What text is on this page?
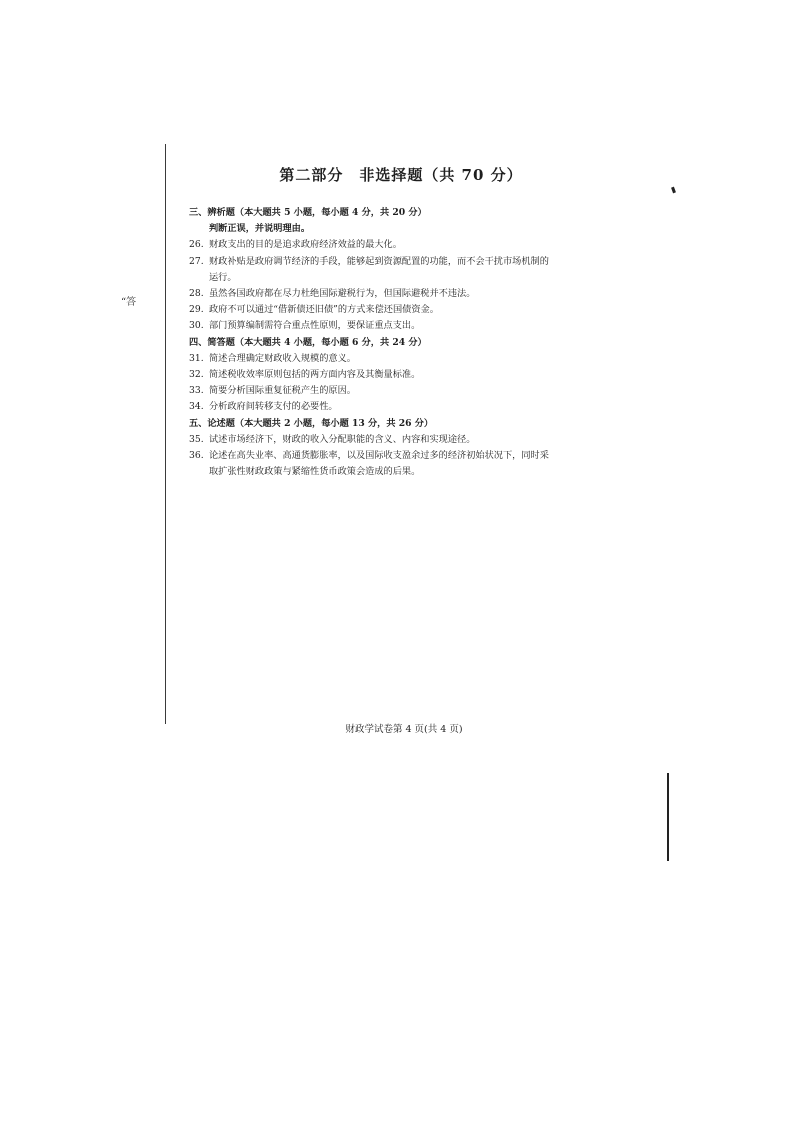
“答
第二部分　非选择题（共 70 分）
三、辨析题（本大题共 5 小题，每小题 4 分，共 20 分）
判断正误，并说明理由。
26. 财政支出的目的是追求政府经济效益的最大化。
27. 财政补贴是政府调节经济的手段，能够起到资源配置的功能，而不会干扰市场机制的
运行。
28. 虽然各国政府都在尽力杜绝国际避税行为，但国际避税并不违法。
29. 政府不可以通过“借新债还旧债”的方式来偿还国债资金。
30. 部门预算编制需符合重点性原则，要保证重点支出。
四、简答题（本大题共 4 小题，每小题 6 分，共 24 分）
31. 简述合理确定财政收入规模的意义。
32. 简述税收效率原则包括的两方面内容及其衡量标准。
33. 简要分析国际重复征税产生的原因。
34. 分析政府间转移支付的必要性。
五、论述题（本大题共 2 小题，每小题 13 分，共 26 分）
35. 试述市场经济下，财政的收入分配职能的含义、内容和实现途径。
36. 论述在高失业率、高通货膨胀率，以及国际收支盈余过多的经济初始状况下，同时采
取扩张性财政政策与紧缩性货币政策会造成的后果。
财政学试卷第 4 页(共 4 页)
